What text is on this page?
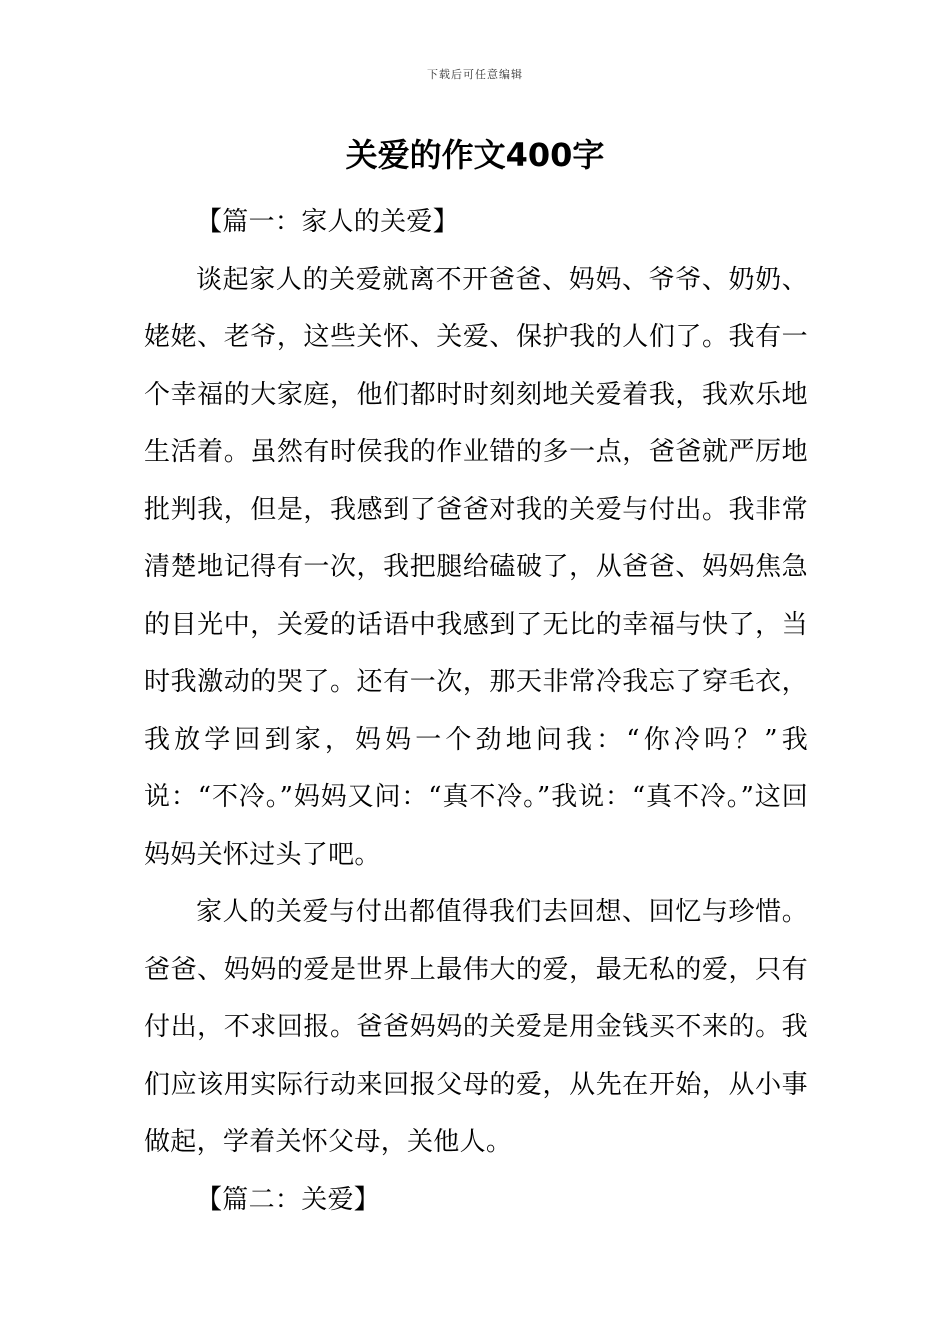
下载后可任意编辑
关爱的作文400字

【篇一：家人的关爱】

谈起家人的关爱就离不开爸爸、妈妈、爷爷、奶奶、姥姥、老爷，这些关怀、关爱、保护我的人们了。我有一个幸福的大家庭，他们都时时刻刻地关爱着我，我欢乐地生活着。虽然有时侯我的作业错的多一点，爸爸就严厉地批判我，但是，我感到了爸爸对我的关爱与付出。我非常清楚地记得有一次，我把腿给磕破了，从爸爸、妈妈焦急的目光中，关爱的话语中我感到了无比的幸福与快了，当时我激动的哭了。还有一次，那天非常冷我忘了穿毛衣，我放学回到家，妈妈一个劲地问我：“你冷吗？”我说：“不冷。”妈妈又问：“真不冷。”我说：“真不冷。”这回妈妈关怀过头了吧。

家人的关爱与付出都值得我们去回想、回忆与珍惜。爸爸、妈妈的爱是世界上最伟大的爱，最无私的爱，只有付出，不求回报。爸爸妈妈的关爱是用金钱买不来的。我们应该用实际行动来回报父母的爱，从先在开始，从小事做起，学着关怀父母，关他人。

【篇二：关爱】
